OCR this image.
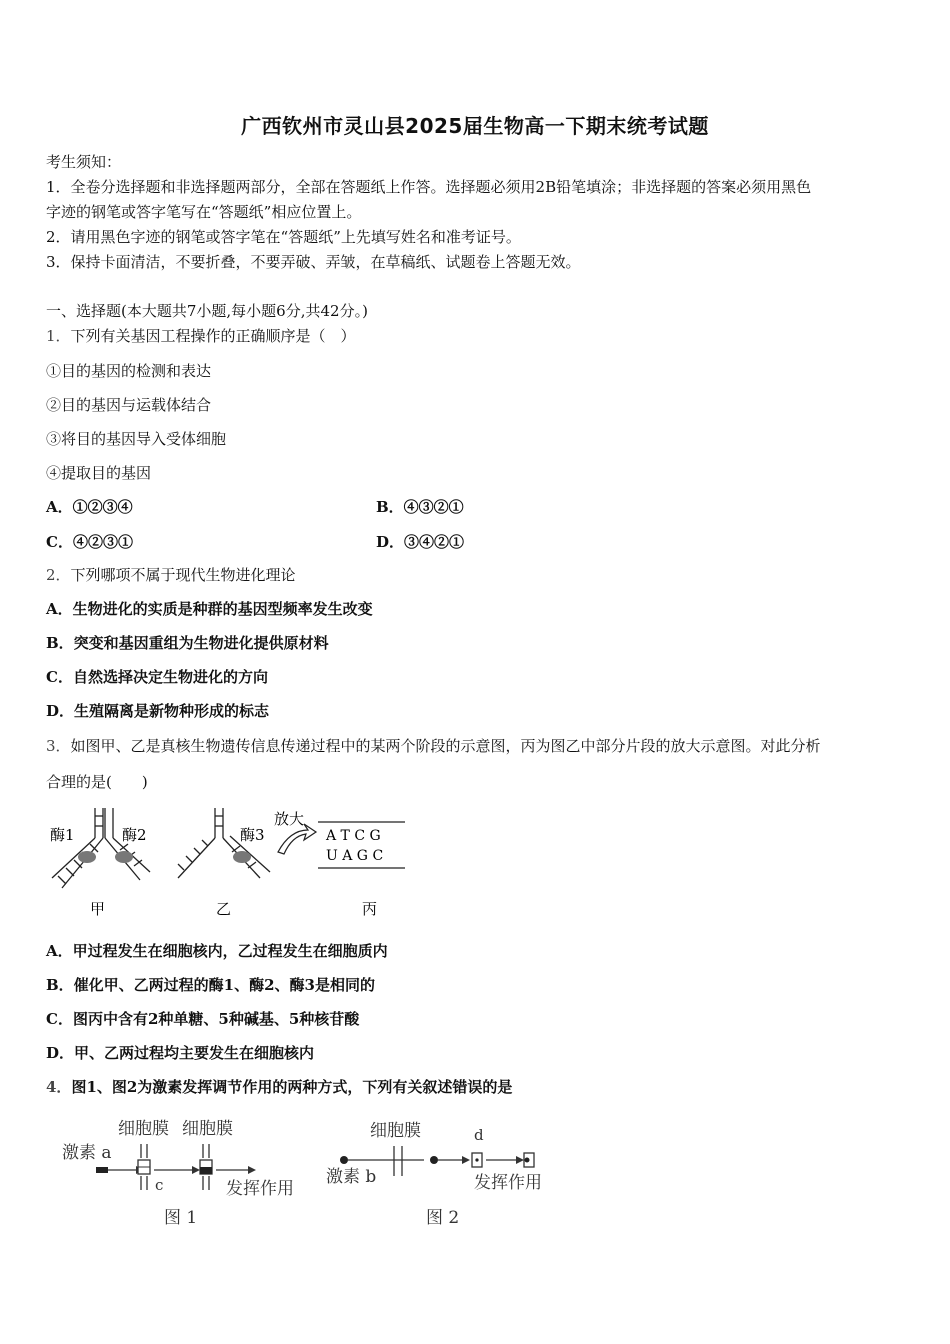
广西钦州市灵山县2025届生物高一下期末统考试题
考生须知：
1．全卷分选择题和非选择题两部分，全部在答题纸上作答。选择题必须用2B铅笔填涂；非选择题的答案必须用黑色
字迹的钢笔或答字笔写在“答题纸”相应位置上。
2．请用黑色字迹的钢笔或答字笔在“答题纸”上先填写姓名和准考证号。
3．保持卡面清洁，不要折叠，不要弄破、弄皱，在草稿纸、试题卷上答题无效。
一、选择题(本大题共7小题,每小题6分,共42分。)
1．下列有关基因工程操作的正确顺序是（　）
①目的基因的检测和表达
②目的基因与运载体结合
③将目的基因导入受体细胞
④提取目的基因
A．①②③④	B．④③②①
C．④②③①	D．③④②①
2．下列哪项不属于现代生物进化理论
A．生物进化的实质是种群的基因型频率发生改变
B．突变和基因重组为生物进化提供原材料
C．自然选择决定生物进化的方向
D．生殖隔离是新物种形成的标志
3．如图甲、乙是真核生物遗传信息传递过程中的某两个阶段的示意图，丙为图乙中部分片段的放大示意图。对此分析
合理的是(　　)
酶1	酶2	酶3
放大
A T C G
U A G C
甲	乙	丙
A．甲过程发生在细胞核内，乙过程发生在细胞质内
B．催化甲、乙两过程的酶1、酶2、酶3是相同的
C．图丙中含有2种单糖、5种碱基、5种核苷酸
D．甲、乙两过程均主要发生在细胞核内
4．图1、图2为激素发挥调节作用的两种方式，下列有关叙述错误的是
细胞膜 细胞膜
激素 a
c	发挥作用
图 1
细胞膜	d
激素 b	发挥作用
图 2
